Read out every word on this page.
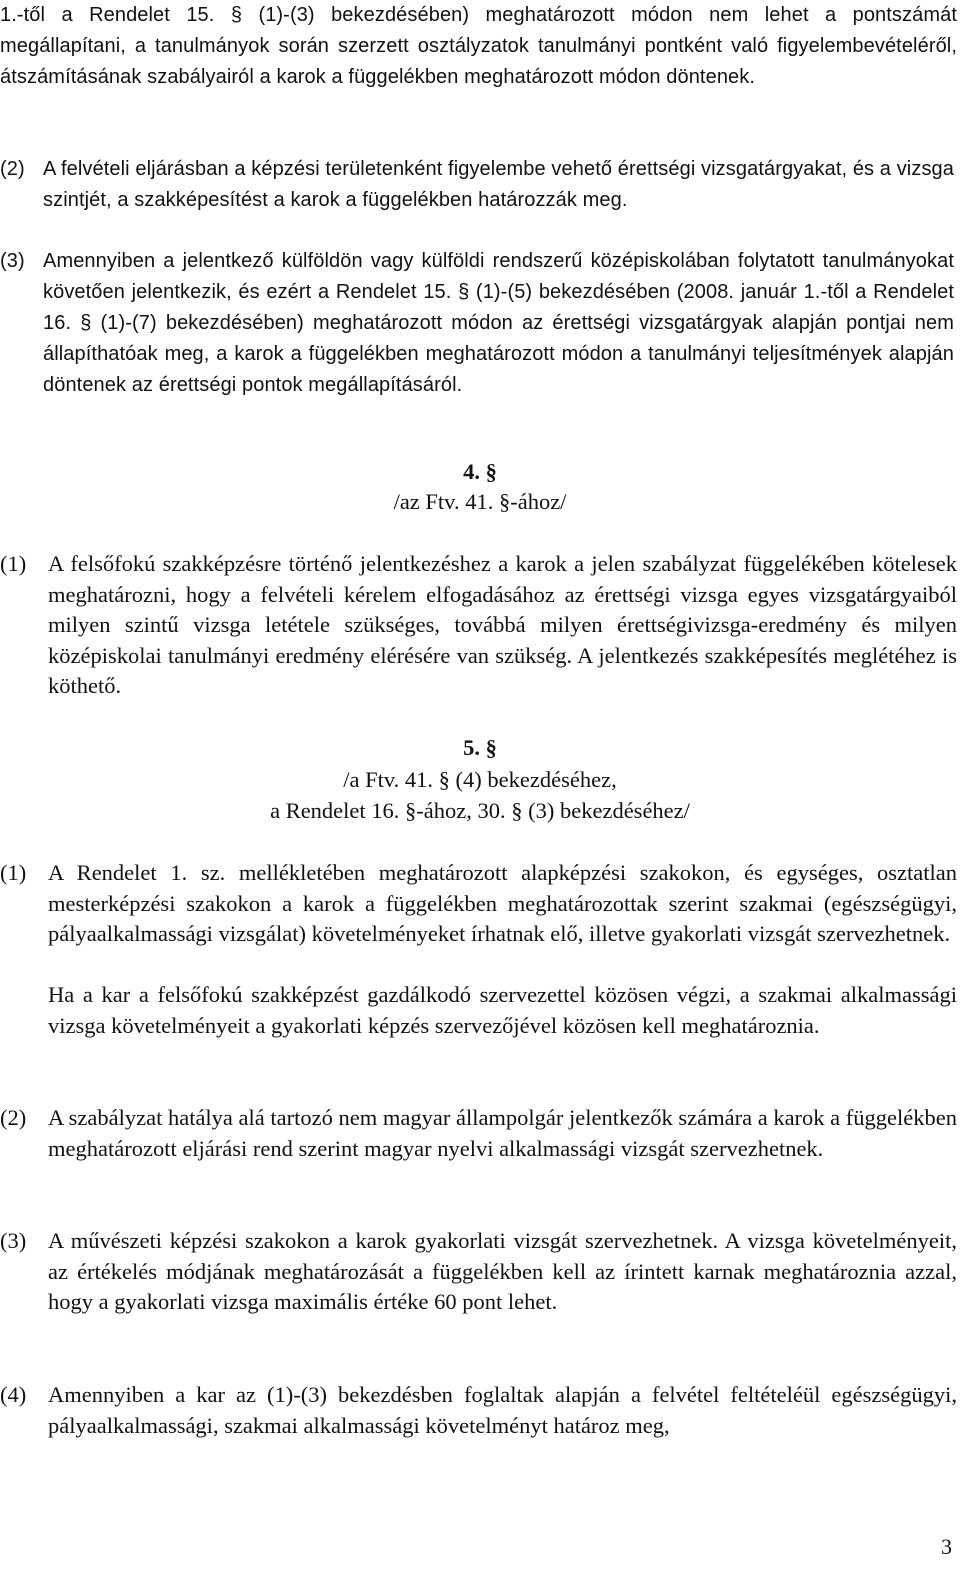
1.-től a Rendelet 15. § (1)-(3) bekezdésében) meghatározott módon nem lehet a pontszámát megállapítani, a tanulmányok során szerzett osztályzatok tanulmányi pontként való figyelembevételéről, átszámításának szabályairól a karok a függelékben meghatározott módon döntenek.

(2) A felvételi eljárásban a képzési területenként figyelembe vehető érettségi vizsgatárgyakat, és a vizsga szintjét, a szakképesítést a karok a függelékben határozzák meg.

(3) Amennyiben a jelentkező külföldön vagy külföldi rendszerű középiskolában folytatott tanulmányokat követően jelentkezik, és ezért a Rendelet 15. § (1)-(5) bekezdésében (2008. január 1.-től a Rendelet 16. § (1)-(7) bekezdésében) meghatározott módon az érettségi vizsgatárgyak alapján pontjai nem állapíthatóak meg, a karok a függelékben meghatározott módon a tanulmányi teljesítmények alapján döntenek az érettségi pontok megállapításáról.

4. §
/az Ftv. 41. §-ához/
(1) A felsőfokú szakképzésre történő jelentkezéshez a karok a jelen szabályzat függelékében kötelesek meghatározni, hogy a felvételi kérelem elfogadásához az érettségi vizsga egyes vizsgatárgyaiból milyen szintű vizsga letétele szükséges, továbbá milyen érettségivizsga-eredmény és milyen középiskolai tanulmányi eredmény elérésére van szükség. A jelentkezés szakképesítés meglétéhez is köthető.

5. §
/a Ftv. 41. § (4) bekezdéséhez,
a Rendelet 16. §-ához, 30. § (3) bekezdéséhez/
(1) A Rendelet 1. sz. mellékletében meghatározott alapképzési szakokon, és egységes, osztatlan mesterképzési szakokon a karok a függelékben meghatározottak szerint szakmai (egészségügyi, pályaalkalmassági vizsgálat) követelményeket írhatnak elő, illetve gyakorlati vizsgát szervezhetnek.

Ha a kar a felsőfokú szakképzést gazdálkodó szervezettel közösen végzi, a szakmai alkalmassági vizsga követelményeit a gyakorlati képzés szervezőjével közösen kell meghatároznia.

(2) A szabályzat hatálya alá tartozó nem magyar állampolgár jelentkezők számára a karok a függelékben meghatározott eljárási rend szerint magyar nyelvi alkalmassági vizsgát szervezhetnek.

(3) A művészeti képzési szakokon a karok gyakorlati vizsgát szervezhetnek. A vizsga követelményeit, az értékelés módjának meghatározását a függelékben kell az írintett karnak meghatároznia azzal, hogy a gyakorlati vizsga maximális értéke 60 pont lehet.

(4) Amennyiben a kar az (1)-(3) bekezdésben foglaltak alapján a felvétel feltételéül egészségügyi, pályaalkalmassági, szakmai alkalmassági követelményt határoz meg,

3
